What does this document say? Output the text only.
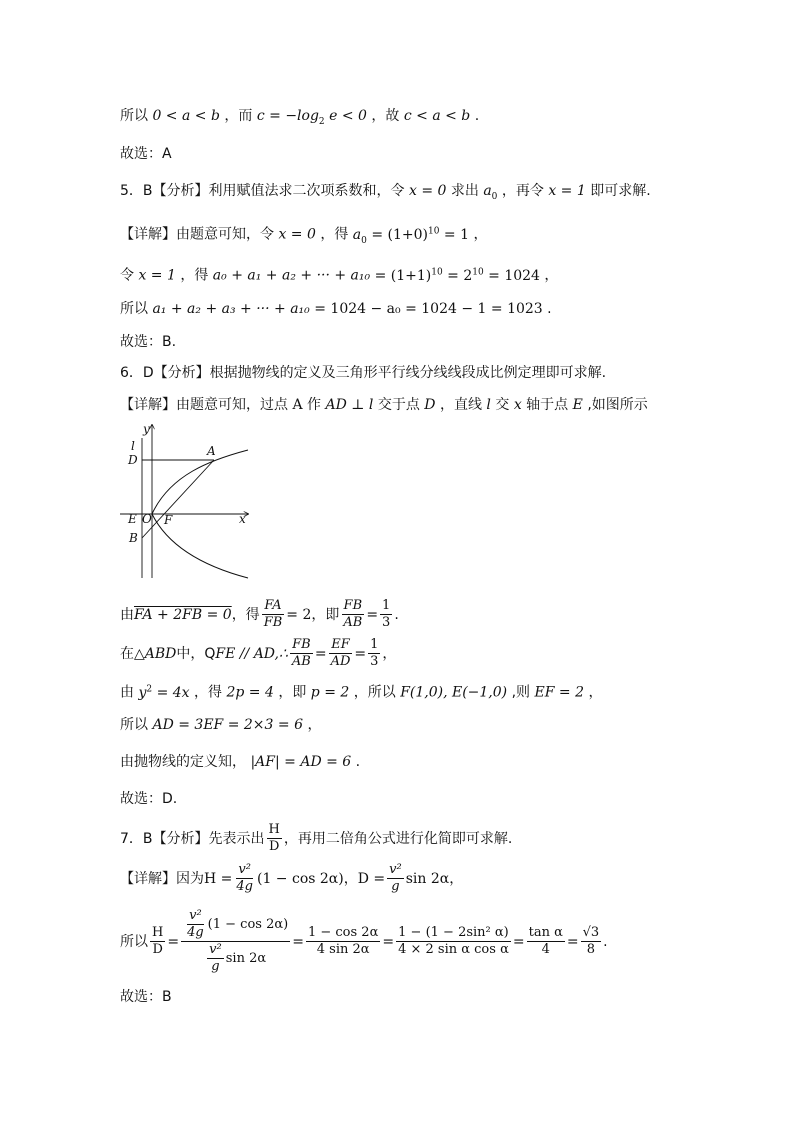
所以 0 < a < b ，而 $c = -\log_2$ e < 0 ，故 c < a < b .
故选：A
5．B【分析】利用赋值法求二次项系数和，令 x = 0 求出 $a_0$ ，再令 x = 1 即可求解.
【详解】由题意可知，令 x = 0 ，得 $a_0 = (1+0)^{10} = 1$ ，
令 x = 1 ，得 a₀ + a₁ + a₂ + ··· + $a_{10} = (1+1)^{10} = 2^{10} = 1024$ ，
所以 a₁ + a₂ + a₃ + ··· + a₁₀ = 1024 − a₀ = 1024 − 1 = 1023 .
故选：B.
6．D【分析】根据抛物线的定义及三角形平行线分线线段成比例定理即可求解.
【详解】由题意可知，过点 A 作 AD ⊥ l 交于点 D ，直线 l 交 x 轴于点 E ,如图所示
y
l
D
A
E O F	x
B
由 FA + 2FB = 0 ，得 $\frac{FA}{FB} = 2$ ，即 $\frac{FB}{AB} = \frac{1}{3}$ .
在 △ABD 中，Q FE // AD,∴ $\frac{FB}{AB} = \frac{EF}{AD} = \frac{1}{3}$ ，
由 $y^2 = 4x$ ，得 2p = 4 ，即 p = 2 ，所以 F(1,0), E(−1,0) ,则 EF = 2 ，
所以 AD = 3EF = 2×3 = 6 ，
由抛物线的定义知， |AF| = AD = 6 .
故选：D.
7．B【分析】先表示出 $\frac{H}{D}$ ，再用二倍角公式进行化简即可求解.
【详解】因为 $H = \frac{\text{v²}}{4g} (1 - \cos 2\alpha)$ ， $D = \frac{\text{v²}}{g}$ sin 2α ，
所以 $\frac{H}{D} = \frac{\frac{\text{v²}}{4g} (1 - \cos 2\alpha)}{\frac{\text{v²}}{g} \sin 2\alpha} = \frac{1 - \cos 2\alpha}{4 \sin 2\alpha} = \frac{\text{1 − (1 − 2sin² α)}}{\text{4 × 2 sin α cos α}} = \frac{\text{tan α}}{4} = \frac{√3}{8}$ .
故选：B
